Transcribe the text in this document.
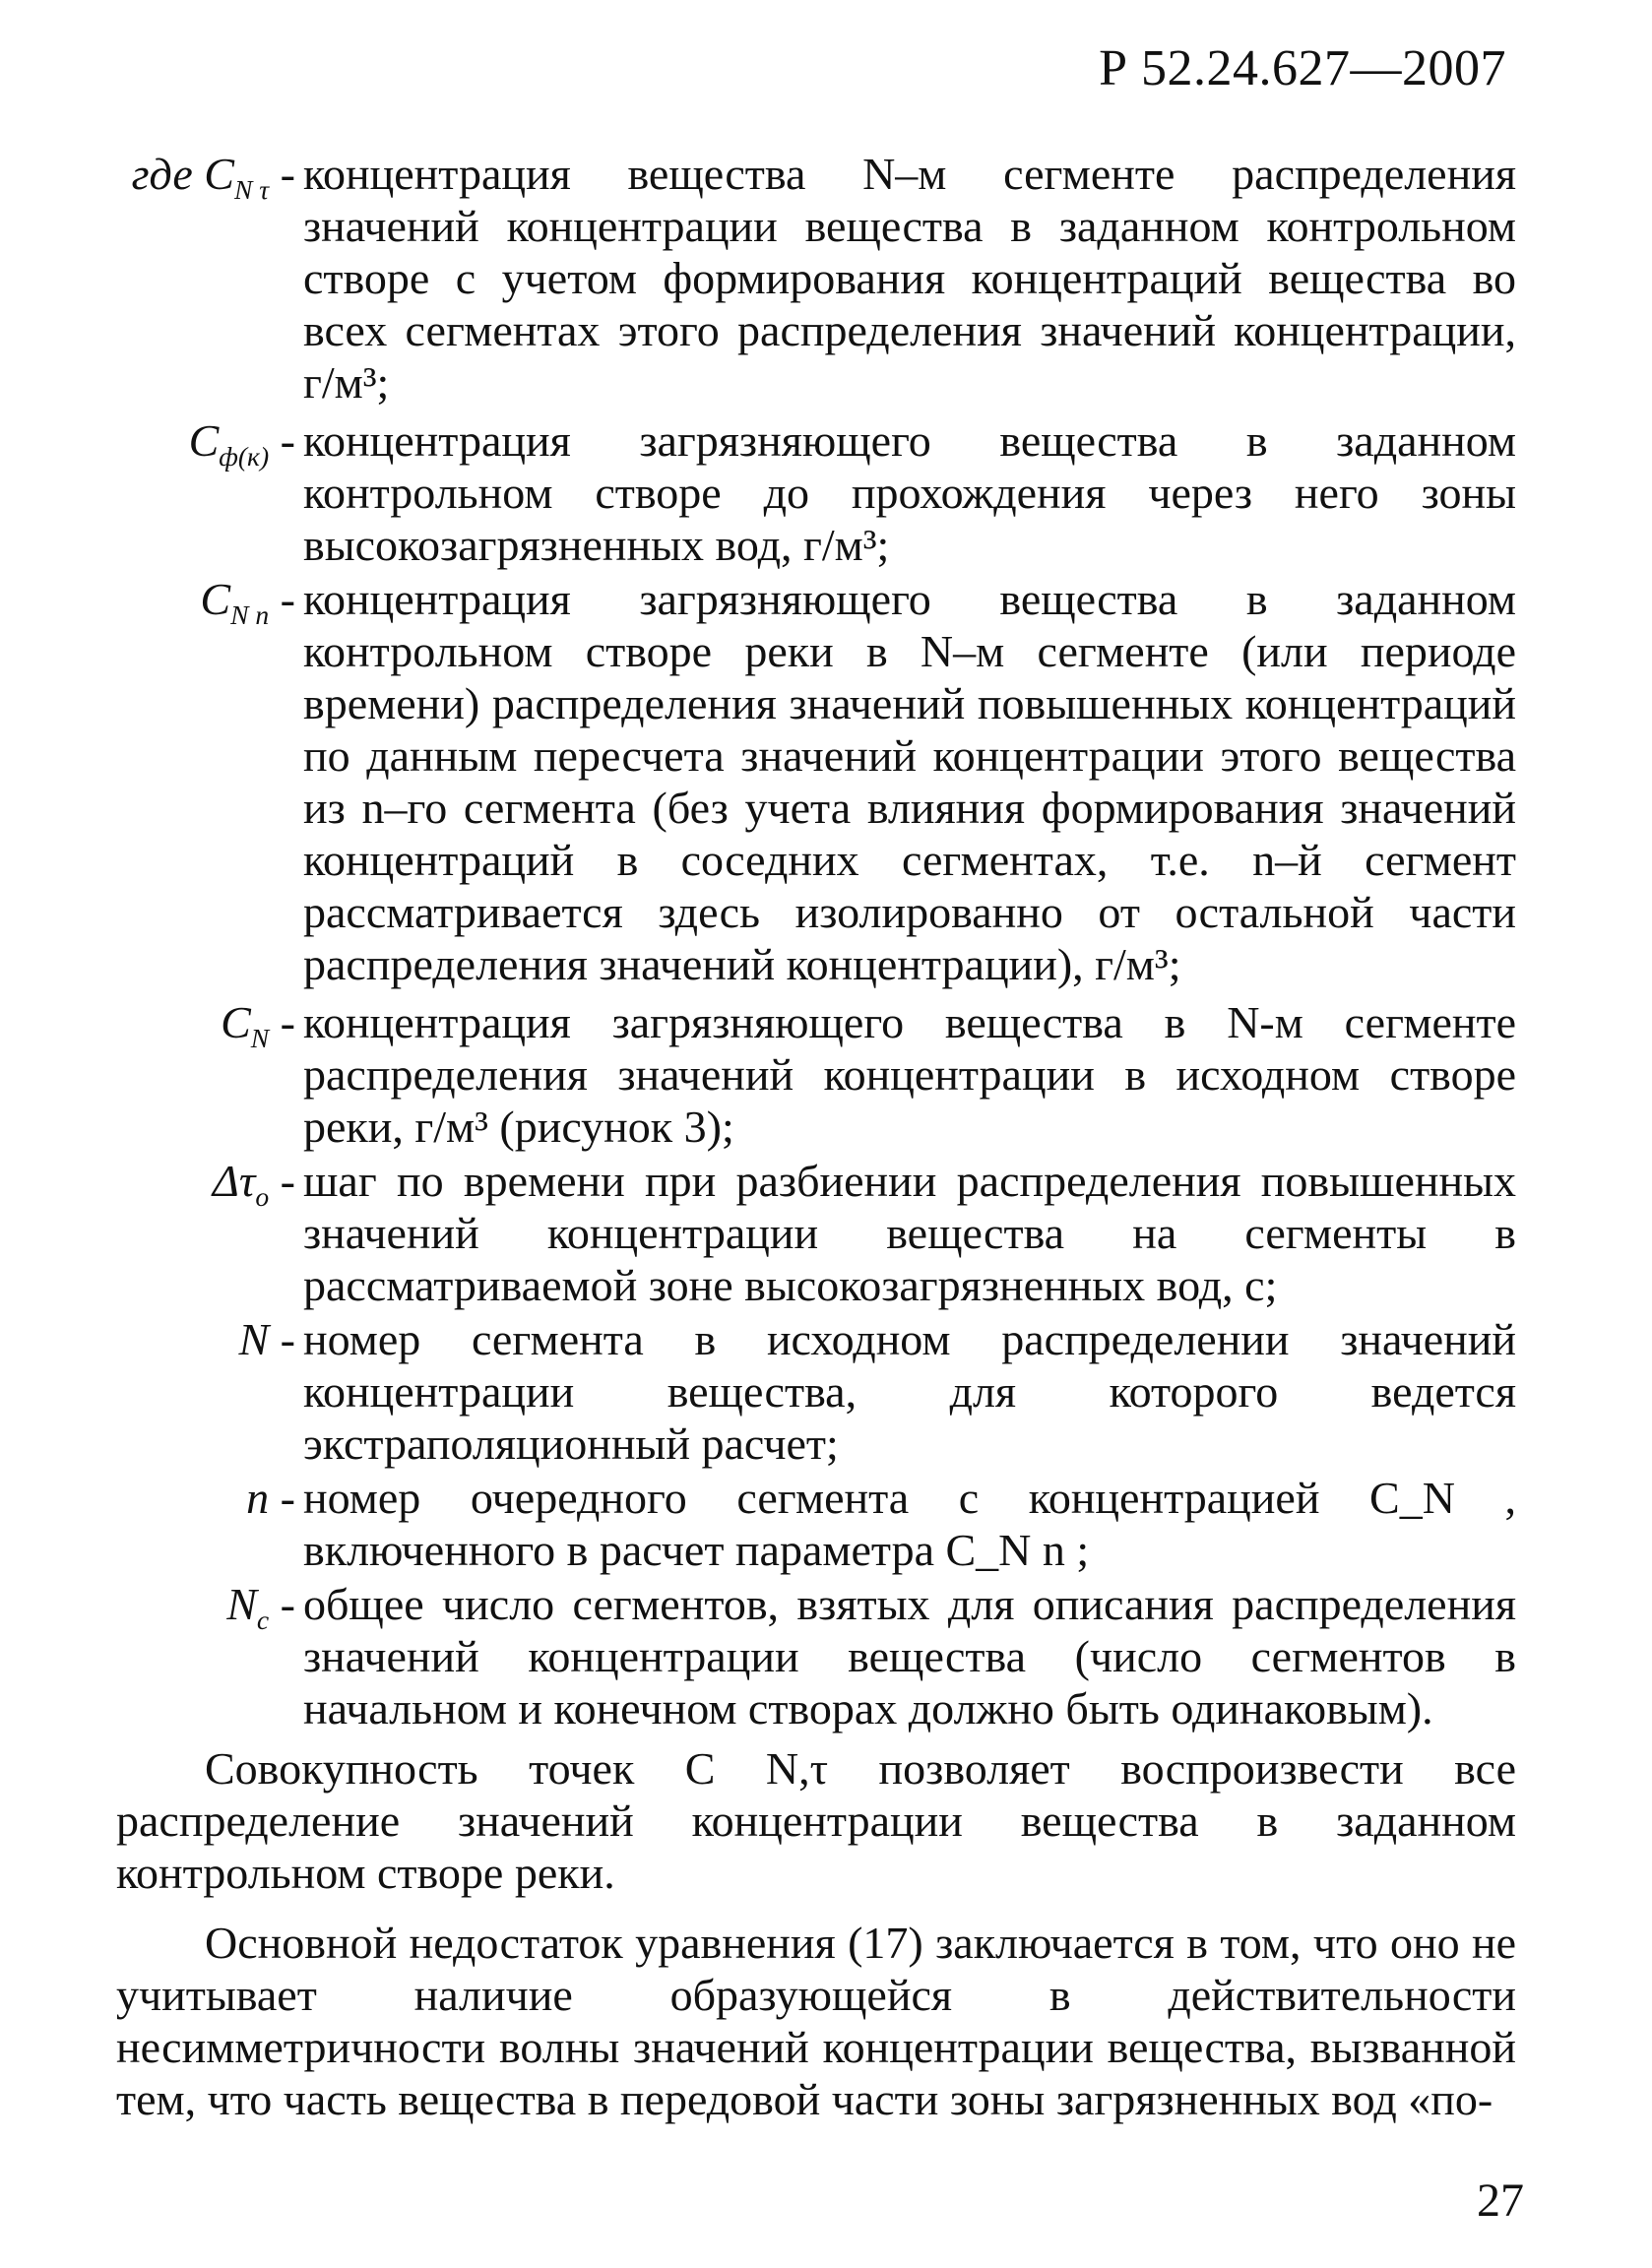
Р 52.24.627—2007
где $C_{N \tau}$ - концентрация вещества N–м сегменте распределения значений концентрации вещества в заданном контрольном створе с учетом формирования концентраций вещества во всех сегментах этого распределения значений концентрации, г/м³;
$C_{ф(к)}$ - концентрация загрязняющего вещества в заданном контрольном створе до прохождения через него зоны высокозагрязненных вод, г/м³;
$C_{N n}$ - концентрация загрязняющего вещества в заданном контрольном створе реки в N–м сегменте (или периоде времени) распределения значений повышенных концентраций по данным пересчета значений концентрации этого вещества из n–го сегмента (без учета влияния формирования значений концентраций в соседних сегментах, т.е. n–й сегмент рассматривается здесь изолированно от остальной части распределения значений концентрации), г/м³;
$C_N$ - концентрация загрязняющего вещества в N-м сегменте распределения значений концентрации в исходном створе реки, г/м³ (рисунок 3);
$\Delta\tau_o$ - шаг по времени при разбиении распределения повышенных значений концентрации вещества на сегменты в рассматриваемой зоне высокозагрязненных вод, с;
N - номер сегмента в исходном распределении значений концентрации вещества, для которого ведется экстраполяционный расчет;
n - номер очередного сегмента с концентрацией C_N , включенного в расчет параметра C_N n ;
$N_c$ - общее число сегментов, взятых для описания распределения значений концентрации вещества (число сегментов в начальном и конечном створах должно быть одинаковым).

Совокупность точек C N,τ позволяет воспроизвести все распределение значений концентрации вещества в заданном контрольном створе реки.

Основной недостаток уравнения (17) заключается в том, что оно не учитывает наличие образующейся в действительности несимметричности волны значений концентрации вещества, вызванной тем, что часть вещества в передовой части зоны загрязненных вод «по-

27
